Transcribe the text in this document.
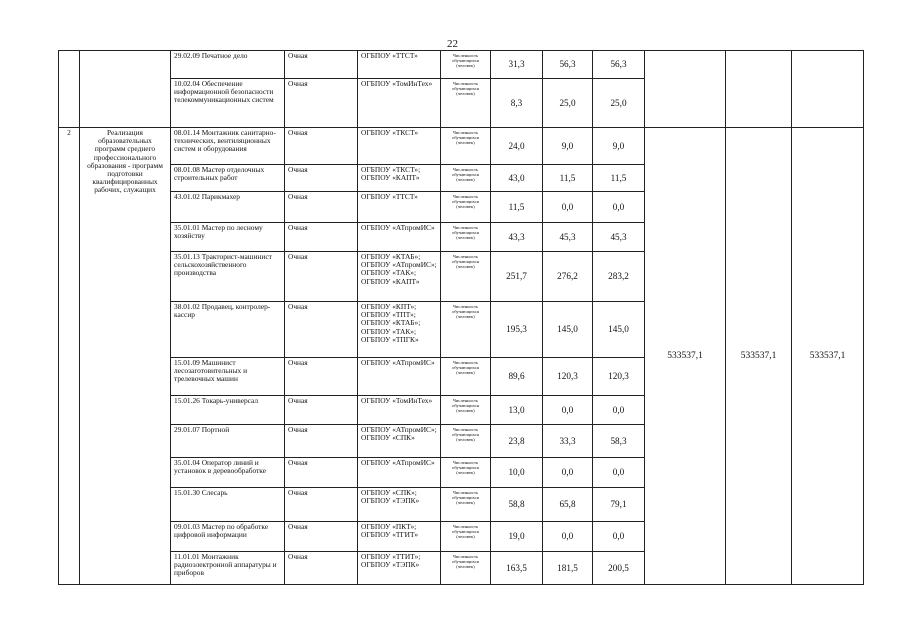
22
		29.02.09 Печатное дело	Очная	ОГБПОУ «ТТСТ»	Численность обучающихся (человек)	31,3	56,3	56,3			
		10.02.04 Обеспечение информационной безопасности телекоммуникационных систем	Очная	ОГБПОУ «ТомИнТех»	Численность обучающихся (человек)	8,3	25,0	25,0			
2	Реализация образовательных программ среднего профессионального образования - программ подготовки квалифицированных рабочих, служащих	08.01.14 Монтажник санитарно-технических, вентиляционных систем и оборудования	Очная	ОГБПОУ «ТКСТ»	Численность обучающихся (человек)	24,0	9,0	9,0	533537,1	533537,1	533537,1
		08.01.08 Мастер отделочных строительных работ	Очная	ОГБПОУ «ТКСТ»; ОГБПОУ «КАПТ»	Численность обучающихся (человек)	43,0	11,5	11,5			
		43.01.02 Парикмахер	Очная	ОГБПОУ «ТТСТ»	Численность обучающихся (человек)	11,5	0,0	0,0			
		35.01.01 Мастер по лесному хозяйству	Очная	ОГБПОУ «АТпромИС»	Численность обучающихся (человек)	43,3	45,3	45,3			
		35.01.13 Тракторист-машинист сельскохозяйственного производства	Очная	ОГБПОУ «КТАБ»; ОГБПОУ «АТпромИС»; ОГБПОУ «ТАК»; ОГБПОУ «КАПТ»	Численность обучающихся (человек)	251,7	276,2	283,2			
		38.01.02 Продавец, контролер-кассир	Очная	ОГБПОУ «КПТ»; ОГБПОУ «ТПТ»; ОГБПОУ «КТАБ»; ОГБПОУ «ТАК»; ОГБПОУ «ТПГК»	Численность обучающихся (человек)	195,3	145,0	145,0			
		15.01.09 Машинист лесозаготовительных и трелевочных машин	Очная	ОГБПОУ «АТпромИС»	Численность обучающихся (человек)	89,6	120,3	120,3			
		15.01.26 Токарь-универсал	Очная	ОГБПОУ «ТомИнТех»	Численность обучающихся (человек)	13,0	0,0	0,0			
		29.01.07 Портной	Очная	ОГБПОУ «АТпромИС»; ОГБПОУ «СПК»	Численность обучающихся (человек)	23,8	33,3	58,3			
		35.01.04 Оператор линий и установок в деревообработке	Очная	ОГБПОУ «АТпромИС»	Численность обучающихся (человек)	10,0	0,0	0,0			
		15.01.30 Слесарь	Очная	ОГБПОУ «СПК»; ОГБПОУ «ТЭПК»	Численность обучающихся (человек)	58,8	65,8	79,1			
		09.01.03 Мастер по обработке цифровой информации	Очная	ОГБПОУ «ПКТ»; ОГБПОУ «ТГИТ»	Численность обучающихся (человек)	19,0	0,0	0,0			
		11.01.01 Монтажник радиоэлектронной аппаратуры и приборов	Очная	ОГБПОУ «ТТИТ»; ОГБПОУ «ТЭПК»	Численность обучающихся (человек)	163,5	181,5	200,5			
